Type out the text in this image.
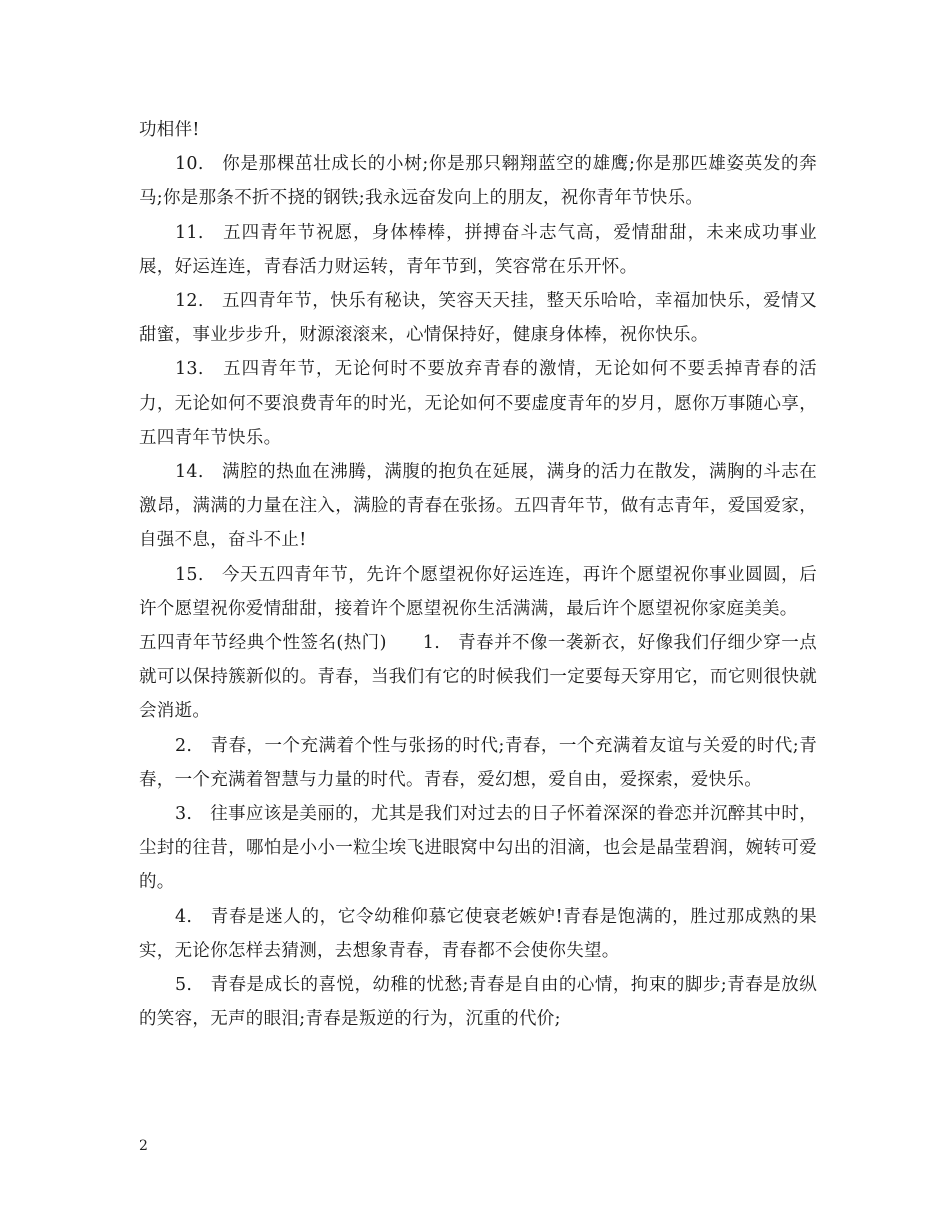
功相伴!

10.　你是那棵茁壮成长的小树;你是那只翱翔蓝空的雄鹰;你是那匹雄姿英发的奔马;你是那条不折不挠的钢铁;我永远奋发向上的朋友，祝你青年节快乐。

11.　五四青年节祝愿，身体棒棒，拼搏奋斗志气高，爱情甜甜，未来成功事业展，好运连连，青春活力财运转，青年节到，笑容常在乐开怀。

12.　五四青年节，快乐有秘诀，笑容天天挂，整天乐哈哈，幸福加快乐，爱情又甜蜜，事业步步升，财源滚滚来，心情保持好，健康身体棒，祝你快乐。

13.　五四青年节，无论何时不要放弃青春的激情，无论如何不要丢掉青春的活力，无论如何不要浪费青年的时光，无论如何不要虚度青年的岁月，愿你万事随心享，五四青年节快乐。

14.　满腔的热血在沸腾，满腹的抱负在延展，满身的活力在散发，满胸的斗志在激昂，满满的力量在注入，满脸的青春在张扬。五四青年节，做有志青年，爱国爱家，自强不息，奋斗不止!

15.　今天五四青年节，先许个愿望祝你好运连连，再许个愿望祝你事业圆圆，后许个愿望祝你爱情甜甜，接着许个愿望祝你生活满满，最后许个愿望祝你家庭美美。

五四青年节经典个性签名(热门)　　1.　青春并不像一袭新衣，好像我们仔细少穿一点就可以保持簇新似的。青春，当我们有它的时候我们一定要每天穿用它，而它则很快就会消逝。

2.　青春，一个充满着个性与张扬的时代;青春，一个充满着友谊与关爱的时代;青春，一个充满着智慧与力量的时代。青春，爱幻想，爱自由，爱探索，爱快乐。

3.　往事应该是美丽的，尤其是我们对过去的日子怀着深深的眷恋并沉醉其中时，尘封的往昔，哪怕是小小一粒尘埃飞进眼窝中勾出的泪滴，也会是晶莹碧润，婉转可爱的。

4.　青春是迷人的，它令幼稚仰慕它使衰老嫉妒!青春是饱满的，胜过那成熟的果实，无论你怎样去猜测，去想象青春，青春都不会使你失望。

5.　青春是成长的喜悦，幼稚的忧愁;青春是自由的心情，拘束的脚步;青春是放纵的笑容，无声的眼泪;青春是叛逆的行为，沉重的代价;

2
